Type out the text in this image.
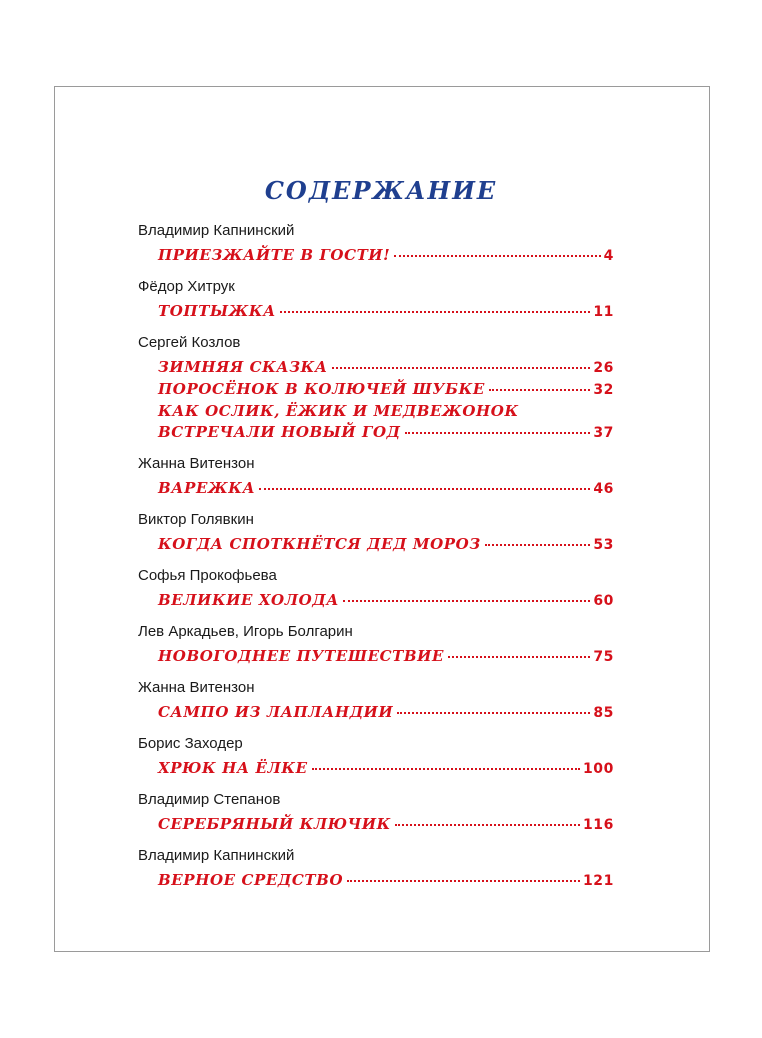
СОДЕРЖАНИЕ
Владимир Капнинский
ПРИЕЗЖАЙТЕ В ГОСТИ!	4
Фёдор Хитрук
ТОПТЫЖКА	11
Сергей Козлов
ЗИМНЯЯ СКАЗКА	26
ПОРОСЁНОК В КОЛЮЧЕЙ ШУБКЕ	32
КАК ОСЛИК, ЁЖИК И МЕДВЕЖОНОК
ВСТРЕЧАЛИ НОВЫЙ ГОД	37
Жанна Витензон
ВАРЕЖКА	46
Виктор Голявкин
КОГДА СПОТКНЁТСЯ ДЕД МОРОЗ	53
Софья Прокофьева
ВЕЛИКИЕ ХОЛОДА	60
Лев Аркадьев, Игорь Болгарин
НОВОГОДНЕЕ ПУТЕШЕСТВИЕ	75
Жанна Витензон
САМПО ИЗ ЛАПЛАНДИИ	85
Борис Заходер
ХРЮК НА ЁЛКЕ	100
Владимир Степанов
СЕРЕБРЯНЫЙ КЛЮЧИК	116
Владимир Капнинский
ВЕРНОЕ СРЕДСТВО	121
